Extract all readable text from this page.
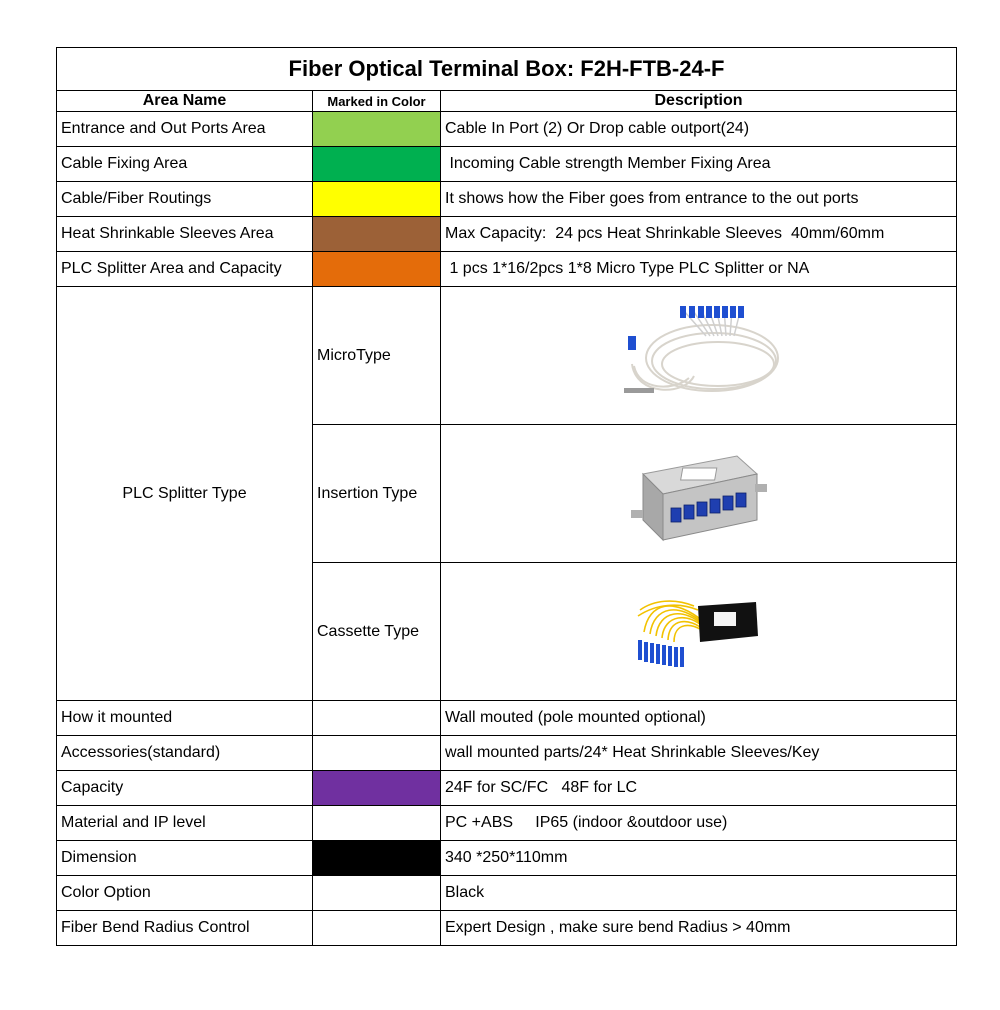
Fiber Optical Terminal Box: F2H-FTB-24-F		
Area Name	Marked in Color	Description
Entrance and Out Ports Area		Cable In Port (2) Or Drop cable outport(24)
Cable Fixing Area		Incoming Cable strength Member Fixing Area
Cable/Fiber Routings		It shows how the Fiber goes from entrance to the out ports
Heat Shrinkable Sleeves Area		Max Capacity:  24 pcs Heat Shrinkable Sleeves  40mm/60mm
PLC Splitter Area and Capacity		1 pcs 1*16/2pcs 1*8 Micro Type PLC Splitter or NA
PLC Splitter Type	MicroType	

	Insertion Type	

	Cassette Type	

How it mounted		Wall mouted (pole mounted optional)
Accessories(standard)		wall mounted parts/24* Heat Shrinkable Sleeves/Key
Capacity		24F for SC/FC   48F for LC
Material and IP level		PC +ABS     IP65 (indoor &outdoor use)
Dimension		340 *250*110mm
Color Option		Black
Fiber Bend Radius Control		Expert Design , make sure bend Radius > 40mm
